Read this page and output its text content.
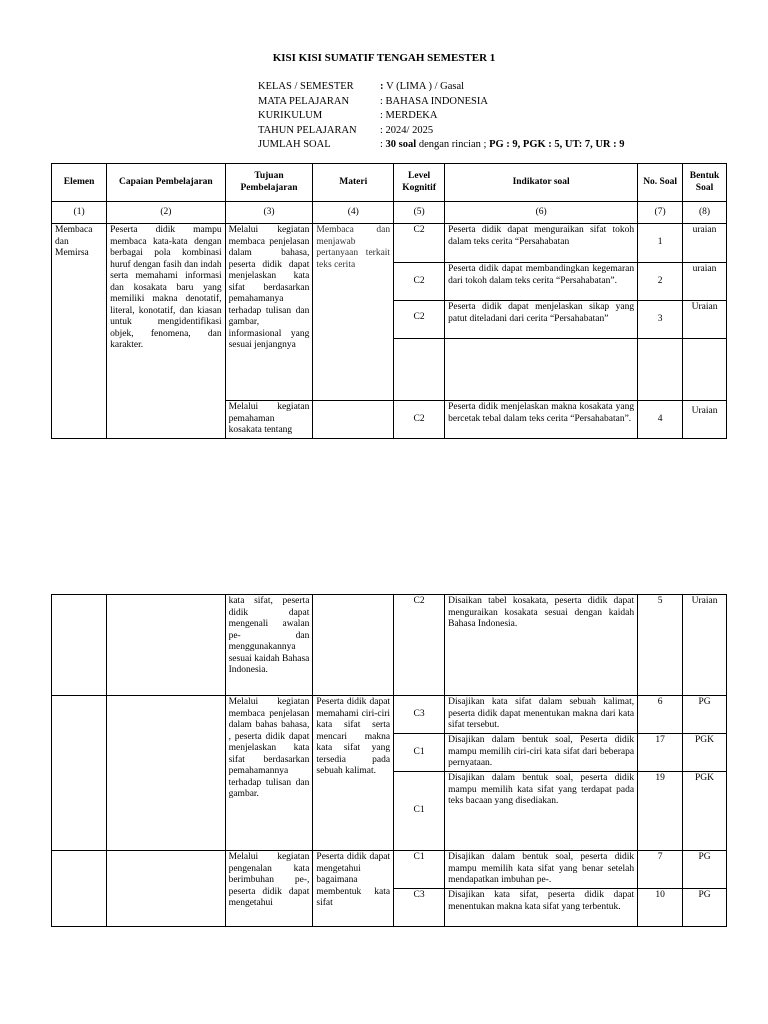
KISI KISI SUMATIF TENGAH SEMESTER 1
KELAS / SEMESTER	: V (LIMA ) / Gasal
MATA PELAJARAN	: BAHASA INDONESIA
KURIKULUM	: MERDEKA
TAHUN PELAJARAN	: 2024/ 2025
JUMLAH SOAL	: 30 soal dengan rincian ; PG : 9, PGK : 5, UT: 7, UR : 9
Elemen	Capaian Pembelajaran	Tujuan Pembelajaran	Materi	Level Kognitif	Indikator soal	No. Soal	Bentuk Soal
(1)	(2)	(3)	(4)	(5)	(6)	(7)	(8)
Membaca dan Memirsa	Peserta didik mampu membaca kata-kata dengan berbagai pola kombinasi huruf dengan fasih dan indah serta memahami informasi dan kosakata baru yang memiliki makna denotatif, literal, konotatif, dan kiasan untuk mengidentifikasi objek, fenomena, dan karakter.	Melalui kegiatan membaca penjelasan dalam bahasa, peserta didik dapat menjelaskan kata sifat berdasarkan pemahamanya terhadap tulisan dan gambar, informasional yang sesuai jenjangnya	Membaca dan menjawab pertanyaan terkait teks cerita	C2	Peserta didik dapat menguraikan sifat tokoh dalam teks cerita “Persahabatan	1	uraian
				C2	Peserta didik dapat membandingkan kegemaran dari tokoh dalam teks cerita “Persahabatan”.	2	uraian
				C2	Peserta didik dapat menjelaskan sikap yang patut diteladani dari cerita “Persahabatan”	3	Uraian

		Melalui kegiatan pemahaman kosakata tentang		C2	Peserta didik menjelaskan makna kosakata yang bercetak tebal dalam teks cerita “Persahabatan”.	4	Uraian
		kata sifat, peserta didik dapat mengenali awalan pe- dan menggunakannya sesuai kaidah Bahasa Indonesia.		C2	Disaikan tabel kosakata, peserta didik dapat menguraikan kosakata sesuai dengan kaidah Bahasa Indonesia.	5	Uraian
		Melalui kegiatan membaca penjelasan dalam bahas bahasa, , peserta didik dapat menjelaskan kata sifat berdasarkan pemahamannya terhadap tulisan dan gambar.	Peserta didik dapat memahami ciri-ciri kata sifat serta mencari makna kata sifat yang tersedia pada sebuah kalimat.	C3	Disajikan kata sifat dalam sebuah kalimat, peserta didik dapat menentukan makna dari kata sifat tersebut.	6	PG
				C1	Disajikan dalam bentuk soal, Peserta didik mampu memilih ciri-ciri kata sifat dari beberapa pernyataan.	17	PGK
				C1	Disajikan dalam bentuk soal, peserta didik mampu memilih kata sifat yang terdapat pada teks bacaan yang disediakan.	19	PGK
		Melalui kegiatan pengenalan kata berimbuhan pe-, peserta didik dapat mengetahui	Peserta didik dapat mengetahui bagaimana membentuk kata sifat	C1	Disajikan dalam bentuk soal, peserta didik mampu memilih kata sifat yang benar setelah mendapatkan imbuhan pe-.	7	PG
				C3	Disajikan kata sifat, peserta didik dapat menentukan makna kata sifat yang terbentuk.	10	PG
